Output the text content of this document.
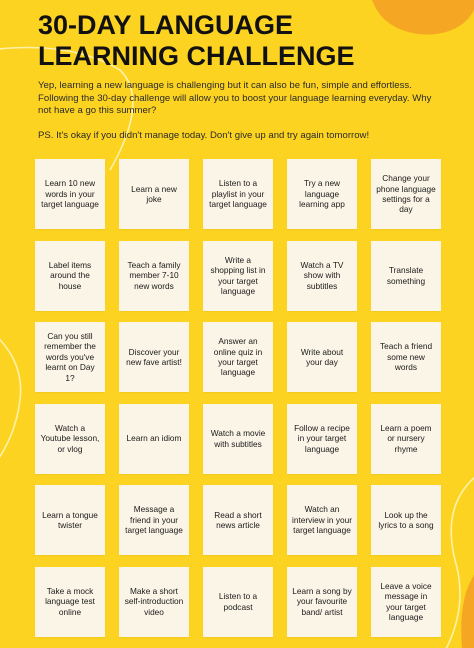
30-DAY LANGUAGE LEARNING CHALLENGE

Yep, learning a new language is challenging but it can also be fun, simple and effortless. Following the 30-day challenge will allow you to boost your language learning everyday. Why not have a go this summer?

PS. It's okay if you didn't manage today. Don't give up and try again tomorrow!

Learn 10 new words in your target language
Learn a new joke
Listen to a playlist in your target language
Try a new language learning app
Change your phone language settings for a day
Label items around the house
Teach a family member 7-10 new words
Write a shopping list in your target language
Watch a TV show with subtitles
Translate something
Can you still remember the words you've learnt on Day 1?
Discover your new fave artist!
Answer an online quiz in your target language
Write about your day
Teach a friend some new words
Watch a Youtube lesson, or vlog
Learn an idiom
Watch a movie with subtitles
Follow a recipe in your target language
Learn a poem or nursery rhyme
Learn a tongue twister
Message a friend in your target language
Read a short news article
Watch an interview in your target language
Look up the lyrics to a song
Take a mock language test online
Make a short self-introduction video
Listen to a podcast
Learn a song by your favourite band/ artist
Leave a voice message in your target language
